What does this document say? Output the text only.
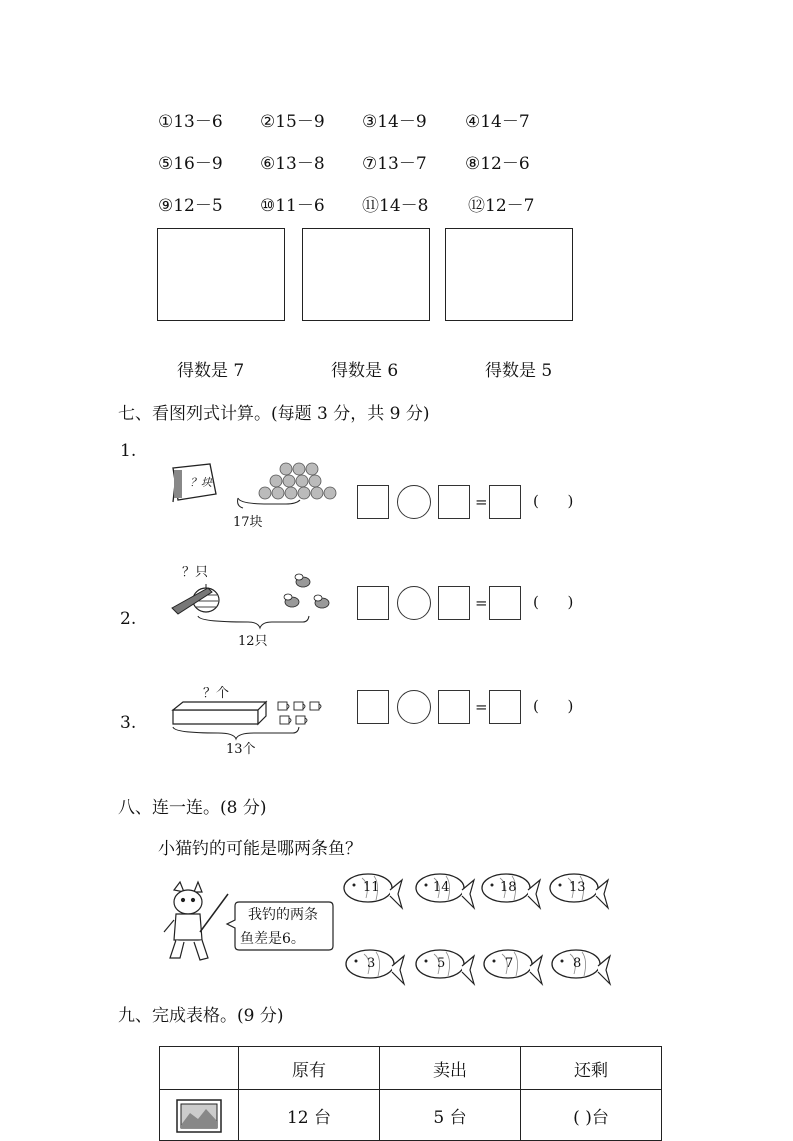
①13－6 ②15－9 ③14－9 ④14－7
⑤16－9 ⑥13－8 ⑦13－7 ⑧12－6
⑨12－5 ⑩11－6 ⑪14－8 ⑫12－7
得数是 7	得数是 6	得数是 5
七、看图列式计算。(每题 3 分，共 9 分)
1.
？块
17块
=	(      )
2.
？只
12只
=	(      )
3.
？个
13个
=	(      )
八、连一连。(8 分)
小猫钓的可能是哪两条鱼？
我钓的两条
鱼差是6。
11	14	18	13
3	5	7	8
九、完成表格。(9 分)
	原有	卖出	还剩

	12 台	5 台	( )台
